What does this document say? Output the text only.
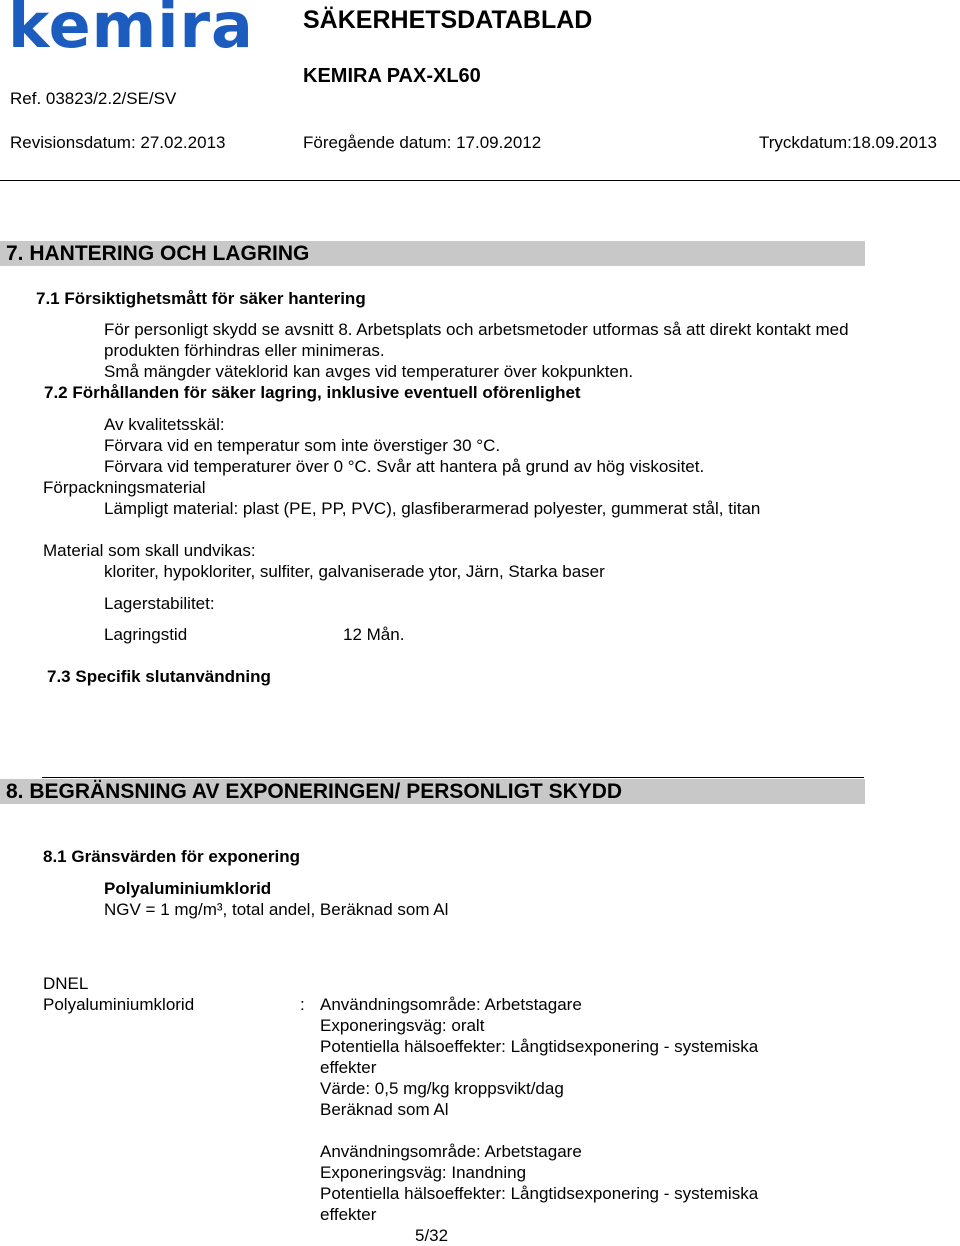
kemira SÄKERHETSDATABLAD
KEMIRA PAX-XL60
Ref. 03823/2.2/SE/SV
Revisionsdatum: 27.02.2013	Föregående datum: 17.09.2012	Tryckdatum:18.09.2013
7. HANTERING OCH LAGRING
7.1 Försiktighetsmått för säker hantering
För personligt skydd se avsnitt 8. Arbetsplats och arbetsmetoder utformas så att direkt kontakt med
produkten förhindras eller minimeras.
Små mängder väteklorid kan avges vid temperaturer över kokpunkten.
7.2 Förhållanden för säker lagring, inklusive eventuell oförenlighet
Av kvalitetsskäl:
Förvara vid en temperatur som inte överstiger 30 °C.
Förvara vid temperaturer över 0 °C. Svår att hantera på grund av hög viskositet.
Förpackningsmaterial
Lämpligt material: plast (PE, PP, PVC), glasfiberarmerad polyester, gummerat stål, titan
Material som skall undvikas:
kloriter, hypokloriter, sulfiter, galvaniserade ytor, Järn, Starka baser
Lagerstabilitet:
Lagringstid	12 Mån.
7.3 Specifik slutanvändning
8. BEGRÄNSNING AV EXPONERINGEN/ PERSONLIGT SKYDD
8.1 Gränsvärden för exponering
Polyaluminiumklorid
NGV = 1 mg/m³, total andel, Beräknad som Al
DNEL
Polyaluminiumklorid	: Användningsområde: Arbetstagare
Exponeringsväg: oralt
Potentiella hälsoeffekter: Långtidsexponering - systemiska
effekter
Värde: 0,5 mg/kg kroppsvikt/dag
Beräknad som Al
Användningsområde: Arbetstagare
Exponeringsväg: Inandning
Potentiella hälsoeffekter: Långtidsexponering - systemiska
effekter
5/32
